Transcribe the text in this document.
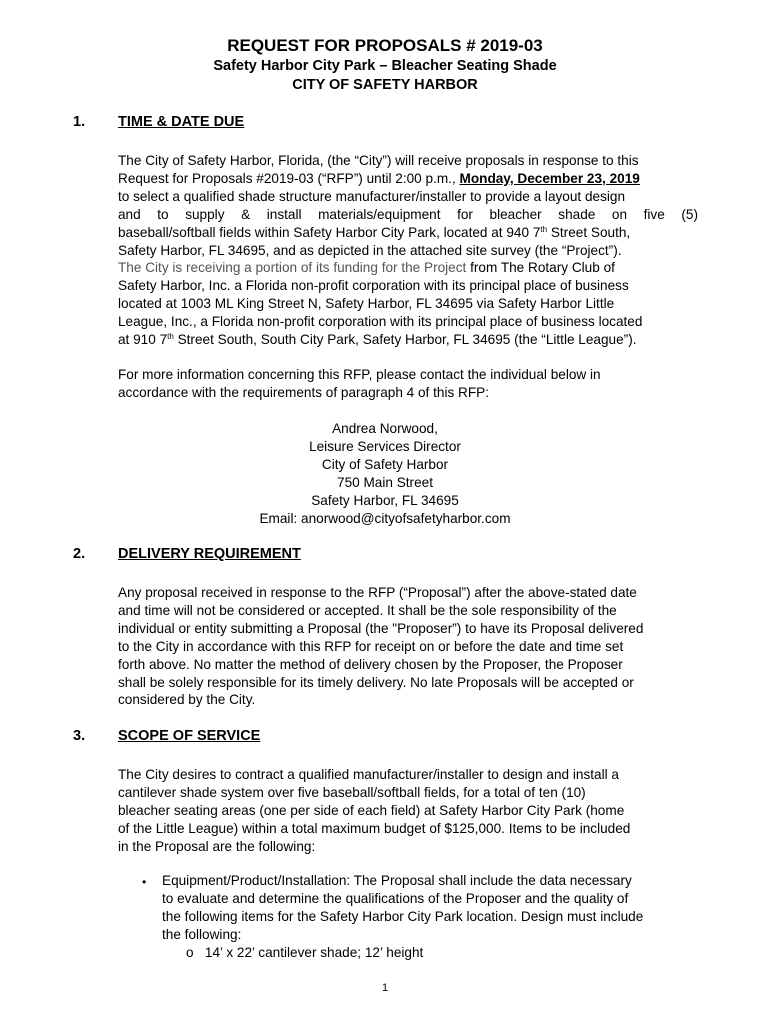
REQUEST FOR PROPOSALS # 2019-03
Safety Harbor City Park – Bleacher Seating Shade
CITY OF SAFETY HARBOR
1. TIME & DATE DUE
The City of Safety Harbor, Florida, (the “City”) will receive proposals in response to this
Request for Proposals #2019-03 (“RFP”) until 2:00 p.m., Monday, December 23, 2019
to select a qualified shade structure manufacturer/installer to provide a layout design
and to supply & install materials/equipment for bleacher shade on five (5)
baseball/softball fields within Safety Harbor City Park, located at 940 7th Street South,
Safety Harbor, FL 34695, and as depicted in the attached site survey (the “Project”).
The City is receiving a portion of its funding for the Project from The Rotary Club of
Safety Harbor, Inc. a Florida non-profit corporation with its principal place of business
located at 1003 ML King Street N, Safety Harbor, FL 34695 via Safety Harbor Little
League, Inc., a Florida non-profit corporation with its principal place of business located
at 910 7th Street South, South City Park, Safety Harbor, FL 34695 (the “Little League”).
For more information concerning this RFP, please contact the individual below in
accordance with the requirements of paragraph 4 of this RFP:
Andrea Norwood,
Leisure Services Director
City of Safety Harbor
750 Main Street
Safety Harbor, FL 34695
Email: anorwood@cityofsafetyharbor.com
2. DELIVERY REQUIREMENT
Any proposal received in response to the RFP (“Proposal”) after the above-stated date
and time will not be considered or accepted. It shall be the sole responsibility of the
individual or entity submitting a Proposal (the "Proposer”) to have its Proposal delivered
to the City in accordance with this RFP for receipt on or before the date and time set
forth above. No matter the method of delivery chosen by the Proposer, the Proposer
shall be solely responsible for its timely delivery. No late Proposals will be accepted or
considered by the City.
3. SCOPE OF SERVICE
The City desires to contract a qualified manufacturer/installer to design and install a
cantilever shade system over five baseball/softball fields, for a total of ten (10)
bleacher seating areas (one per side of each field) at Safety Harbor City Park (home
of the Little League) within a total maximum budget of $125,000. Items to be included
in the Proposal are the following:
• Equipment/Product/Installation: The Proposal shall include the data necessary
to evaluate and determine the qualifications of the Proposer and the quality of
the following items for the Safety Harbor City Park location. Design must include
the following:
o 14’ x 22’ cantilever shade; 12’ height
1
